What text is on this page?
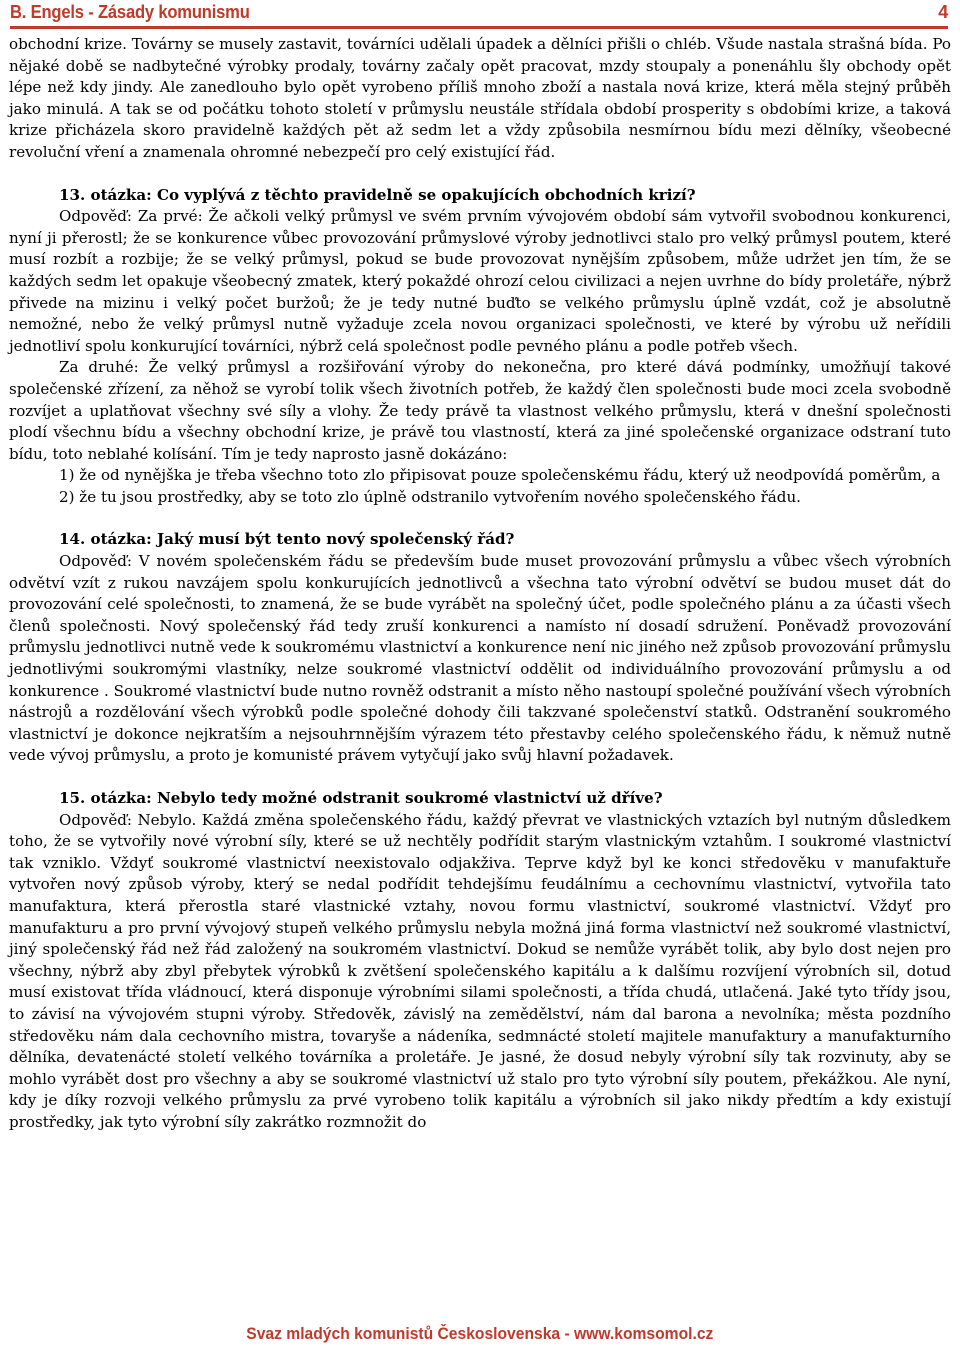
B. Engels - Zásady komunismu	4

obchodní krize. Továrny se musely zastavit, továrníci udělali úpadek a dělníci přišli o chléb. Všude nastala strašná bída. Po nějaké době se nadbytečné výrobky prodaly, továrny začaly opět pracovat, mzdy stoupaly a ponenáhlu šly obchody opět lépe než kdy jindy. Ale zanedlouho bylo opět vyrobeno příliš mnoho zboží a nastala nová krize, která měla stejný průběh jako minulá. A tak se od počátku tohoto století v průmyslu neustále střídala období prosperity s obdobími krize, a taková krize přicházela skoro pravidelně každých pět až sedm let a vždy způsobila nesmírnou bídu mezi dělníky, všeobecné revoluční vření a znamenala ohromné nebezpečí pro celý existující řád.

13. otázka: Co vyplývá z těchto pravidelně se opakujících obchodních krizí?

Odpověď: Za prvé: Že ačkoli velký průmysl ve svém prvním vývojovém období sám vytvořil svobodnou konkurenci, nyní ji přerostl; že se konkurence vůbec provozování průmyslové výroby jednotlivci stalo pro velký průmysl poutem, které musí rozbít a rozbije; že se velký průmysl, pokud se bude provozovat nynějším způsobem, může udržet jen tím, že se každých sedm let opakuje všeobecný zmatek, který pokaždé ohrozí celou civilizaci a nejen uvrhne do bídy proletáře, nýbrž přivede na mizinu i velký počet buržoů; že je tedy nutné buďto se velkého průmyslu úplně vzdát, což je absolutně nemožné, nebo že velký průmysl nutně vyžaduje zcela novou organizaci společnosti, ve které by výrobu už neřídili jednotliví spolu konkurující továrníci, nýbrž celá společnost podle pevného plánu a podle potřeb všech.

Za druhé: Že velký průmysl a rozšiřování výroby do nekonečna, pro které dává podmínky, umožňují takové společenské zřízení, za něhož se vyrobí tolik všech životních potřeb, že každý člen společnosti bude moci zcela svobodně rozvíjet a uplatňovat všechny své síly a vlohy. Že tedy právě ta vlastnost velkého průmyslu, která v dnešní společnosti plodí všechnu bídu a všechny obchodní krize, je právě tou vlastností, která za jiné společenské organizace odstraní tuto bídu, toto neblahé kolísání. Tím je tedy naprosto jasně dokázáno:

1) že od nynějška je třeba všechno toto zlo připisovat pouze společenskému řádu, který už neodpovídá poměrům, a

2) že tu jsou prostředky, aby se toto zlo úplně odstranilo vytvořením nového společenského řádu.

14. otázka: Jaký musí být tento nový společenský řád?

Odpověď: V novém společenském řádu se především bude muset provozování průmyslu a vůbec všech výrobních odvětví vzít z rukou navzájem spolu konkurujících jednotlivců a všechna tato výrobní odvětví se budou muset dát do provozování celé společnosti, to znamená, že se bude vyrábět na společný účet, podle společného plánu a za účasti všech členů společnosti. Nový společenský řád tedy zruší konkurenci a namísto ní dosadí sdružení. Poněvadž provozování průmyslu jednotlivci nutně vede k soukromému vlastnictví a konkurence není nic jiného než způsob provozování průmyslu jednotlivými soukromými vlastníky, nelze soukromé vlastnictví oddělit od individuálního provozování průmyslu a od konkurence . Soukromé vlastnictví bude nutno rovněž odstranit a místo něho nastoupí společné používání všech výrobních nástrojů a rozdělování všech výrobků podle společné dohody čili takzvané společenství statků. Odstranění soukromého vlastnictví je dokonce nejkratším a nejsouhrnnějším výrazem této přestavby celého společenského řádu, k němuž nutně vede vývoj průmyslu, a proto je komunisté právem vytyčují jako svůj hlavní požadavek.

15. otázka: Nebylo tedy možné odstranit soukromé vlastnictví už dříve?

Odpověď: Nebylo. Každá změna společenského řádu, každý převrat ve vlastnických vztazích byl nutným důsledkem toho, že se vytvořily nové výrobní síly, které se už nechtěly podřídit starým vlastnickým vztahům. I soukromé vlastnictví tak vzniklo. Vždyť soukromé vlastnictví neexistovalo odjakživa. Teprve když byl ke konci středověku v manufaktuře vytvořen nový způsob výroby, který se nedal podřídit tehdejšímu feudálnímu a cechovnímu vlastnictví, vytvořila tato manufaktura, která přerostla staré vlastnické vztahy, novou formu vlastnictví, soukromé vlastnictví. Vždyť pro manufakturu a pro první vývojový stupeň velkého průmyslu nebyla možná jiná forma vlastnictví než soukromé vlastnictví, jiný společenský řád než řád založený na soukromém vlastnictví. Dokud se nemůže vyrábět tolik, aby bylo dost nejen pro všechny, nýbrž aby zbyl přebytek výrobků k zvětšení společenského kapitálu a k dalšímu rozvíjení výrobních sil, dotud musí existovat třída vládnoucí, která disponuje výrobními silami společnosti, a třída chudá, utlačená. Jaké tyto třídy jsou, to závisí na vývojovém stupni výroby. Středověk, závislý na zemědělství, nám dal barona a nevolníka; města pozdního středověku nám dala cechovního mistra, tovaryše a nádeníka, sedmnácté století majitele manufaktury a manufakturního dělníka, devatenácté století velkého továrníka a proletáře. Je jasné, že dosud nebyly výrobní síly tak rozvinuty, aby se mohlo vyrábět dost pro všechny a aby se soukromé vlastnictví už stalo pro tyto výrobní síly poutem, překážkou. Ale nyní, kdy je díky rozvoji velkého průmyslu za prvé vyrobeno tolik kapitálu a výrobních sil jako nikdy předtím a kdy existují prostředky, jak tyto výrobní síly zakrátko rozmnožit do

Svaz mladých komunistů Československa - www.komsomol.cz
